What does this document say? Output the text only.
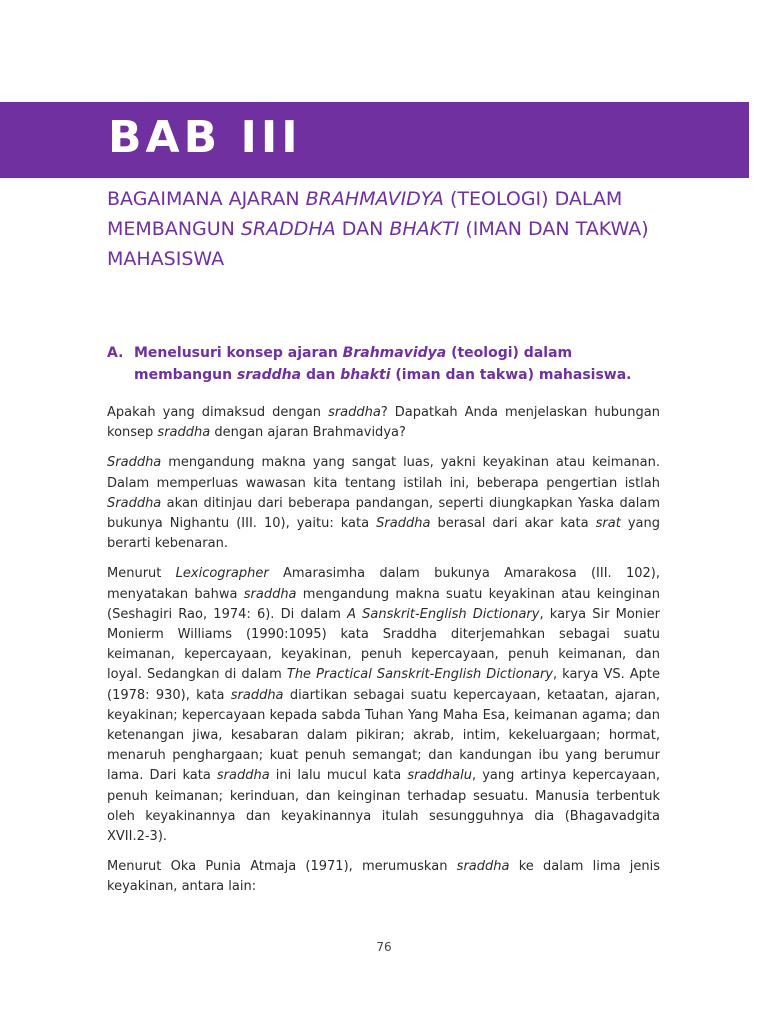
BAB III
BAGAIMANA AJARAN BRAHMAVIDYA (TEOLOGI) DALAM MEMBANGUN SRADDHA DAN BHAKTI (IMAN DAN TAKWA) MAHASISWA
A. Menelusuri konsep ajaran Brahmavidya (teologi) dalam membangun sraddha dan bhakti (iman dan takwa) mahasiswa.

Apakah yang dimaksud dengan sraddha? Dapatkah Anda menjelaskan hubungan konsep sraddha dengan ajaran Brahmavidya?

Sraddha mengandung makna yang sangat luas, yakni keyakinan atau keimanan. Dalam memperluas wawasan kita tentang istilah ini, beberapa pengertian istlah Sraddha akan ditinjau dari beberapa pandangan, seperti diungkapkan Yaska dalam bukunya Nighantu (III. 10), yaitu: kata Sraddha berasal dari akar kata srat yang berarti kebenaran.

Menurut Lexicographer Amarasimha dalam bukunya Amarakosa (III. 102), menyatakan bahwa sraddha mengandung makna suatu keyakinan atau keinginan (Seshagiri Rao, 1974: 6). Di dalam A Sanskrit-English Dictionary, karya Sir Monier Monierm Williams (1990:1095) kata Sraddha diterjemahkan sebagai suatu keimanan, kepercayaan, keyakinan, penuh kepercayaan, penuh keimanan, dan loyal. Sedangkan di dalam The Practical Sanskrit-English Dictionary, karya VS. Apte (1978: 930), kata sraddha diartikan sebagai suatu kepercayaan, ketaatan, ajaran, keyakinan; kepercayaan kepada sabda Tuhan Yang Maha Esa, keimanan agama; dan ketenangan jiwa, kesabaran dalam pikiran; akrab, intim, kekeluargaan; hormat, menaruh penghargaan; kuat penuh semangat; dan kandungan ibu yang berumur lama. Dari kata sraddha ini lalu mucul kata sraddhalu, yang artinya kepercayaan, penuh keimanan; kerinduan, dan keinginan terhadap sesuatu. Manusia terbentuk oleh keyakinannya dan keyakinannya itulah sesungguhnya dia (Bhagavadgita XVII.2-3).

Menurut Oka Punia Atmaja (1971), merumuskan sraddha ke dalam lima jenis keyakinan, antara lain:

76
